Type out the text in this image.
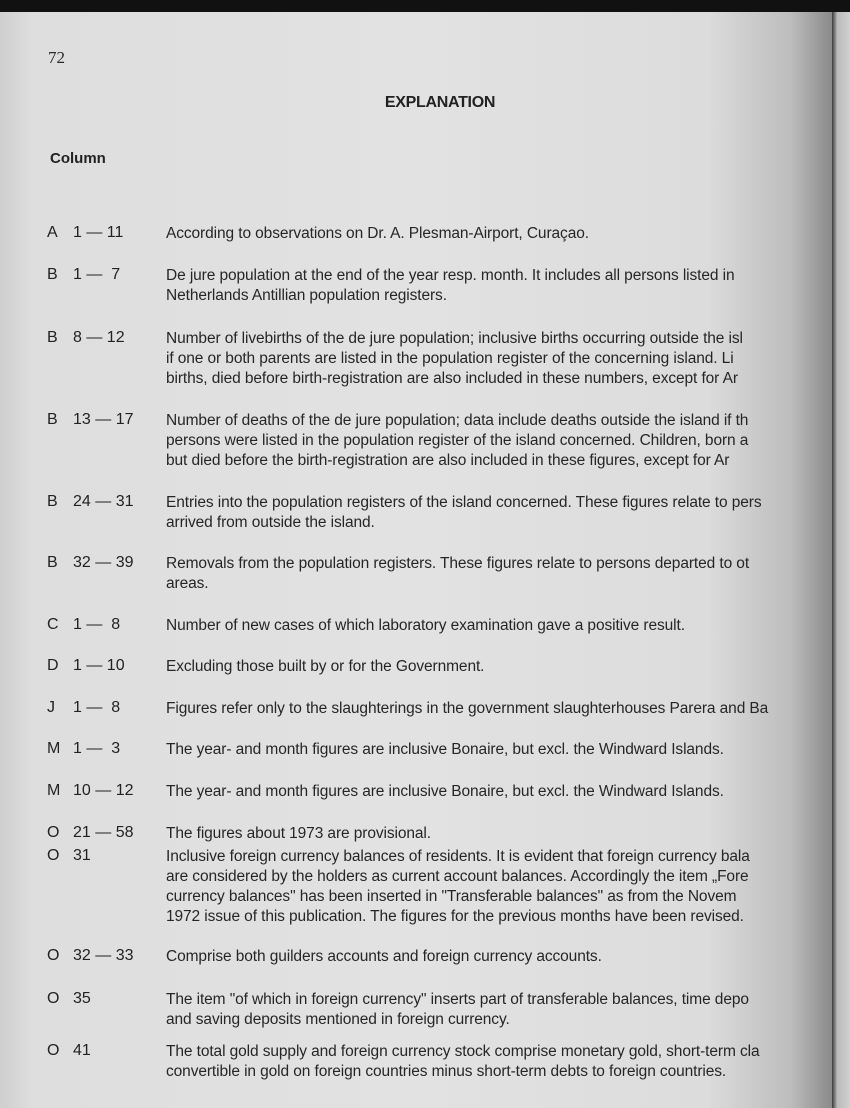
72
EXPLANATION
Column
A 1 — 11	According to observations on Dr. A. Plesman-Airport, Curaçao.
B 1 —  7	De jure population at the end of the year resp. month. It includes all persons listed in
Netherlands Antillian population registers.
B 8 — 12	Number of livebirths of the de jure population; inclusive births occurring outside the isl
if one or both parents are listed in the population register of the concerning island. Li
births, died before birth-registration are also included in these numbers, except for Ar
B 13 — 17 Number of deaths of the de jure population; data include deaths outside the island if th
persons were listed in the population register of the island concerned. Children, born a
but died before the birth-registration are also included in these figures, except for Ar
B 24 — 31 Entries into the population registers of the island concerned. These figures relate to pers
arrived from outside the island.
B 32 — 39 Removals from the population registers. These figures relate to persons departed to ot
areas.
C 1 —  8	Number of new cases of which laboratory examination gave a positive result.
D 1 — 10	Excluding those built by or for the Government.
J 1 —  8	Figures refer only to the slaughterings in the government slaughterhouses Parera and Ba
M 1 —  3	The year- and month figures are inclusive Bonaire, but excl. the Windward Islands.
M 10 — 12 The year- and month figures are inclusive Bonaire, but excl. the Windward Islands.
O 21 — 58 The figures about 1973 are provisional.
O 31	Inclusive foreign currency balances of residents. It is evident that foreign currency bala
are considered by the holders as current account balances. Accordingly the item „Fore
currency balances" has been inserted in "Transferable balances" as from the Novem
1972 issue of this publication. The figures for the previous months have been revised.
O 32 — 33 Comprise both guilders accounts and foreign currency accounts.
O 35	The item "of which in foreign currency" inserts part of transferable balances, time depo
and saving deposits mentioned in foreign currency.
O 41	The total gold supply and foreign currency stock comprise monetary gold, short-term cla
convertible in gold on foreign countries minus short-term debts to foreign countries.
